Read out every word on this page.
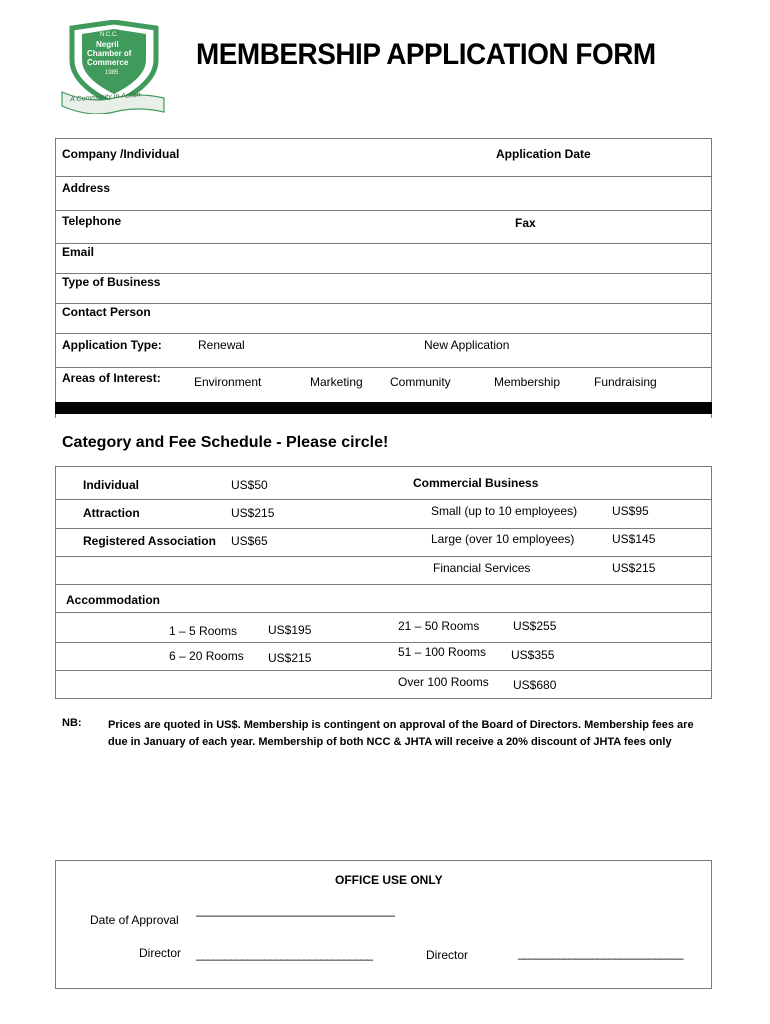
N.C.C.
Negril
Chamber of
Commerce
1985
A Community In Action
MEMBERSHIP APPLICATION FORM
Company /Individual	Application Date
Address
Telephone	Fax
Email
Type of Business
Contact Person
Application Type:	Renewal	New Application
Areas of Interest:	Environment	Marketing Community	Membership	Fundraising
Category and Fee Schedule - Please circle!
Individual	US$50
Attraction	US$215
Registered Association US$65
Commercial Business
Small (up to 10 employees)	US$95
Large (over 10 employees)	US$145
Financial Services	US$215
Accommodation
1 – 5 Rooms	US$195
6 – 20 Rooms US$215
21 – 50 Rooms	US$255
51 – 100 Rooms US$355
Over 100 Rooms US$680
NB: Prices are quoted in US$. Membership is contingent on approval of the Board of Directors. Membership fees are due in January of each year. Membership of both NCC & JHTA will receive a 20% discount of JHTA fees only
OFFICE USE ONLY
Date of Approval ——————————————————
Director _______________________________	Director	_____________________________
